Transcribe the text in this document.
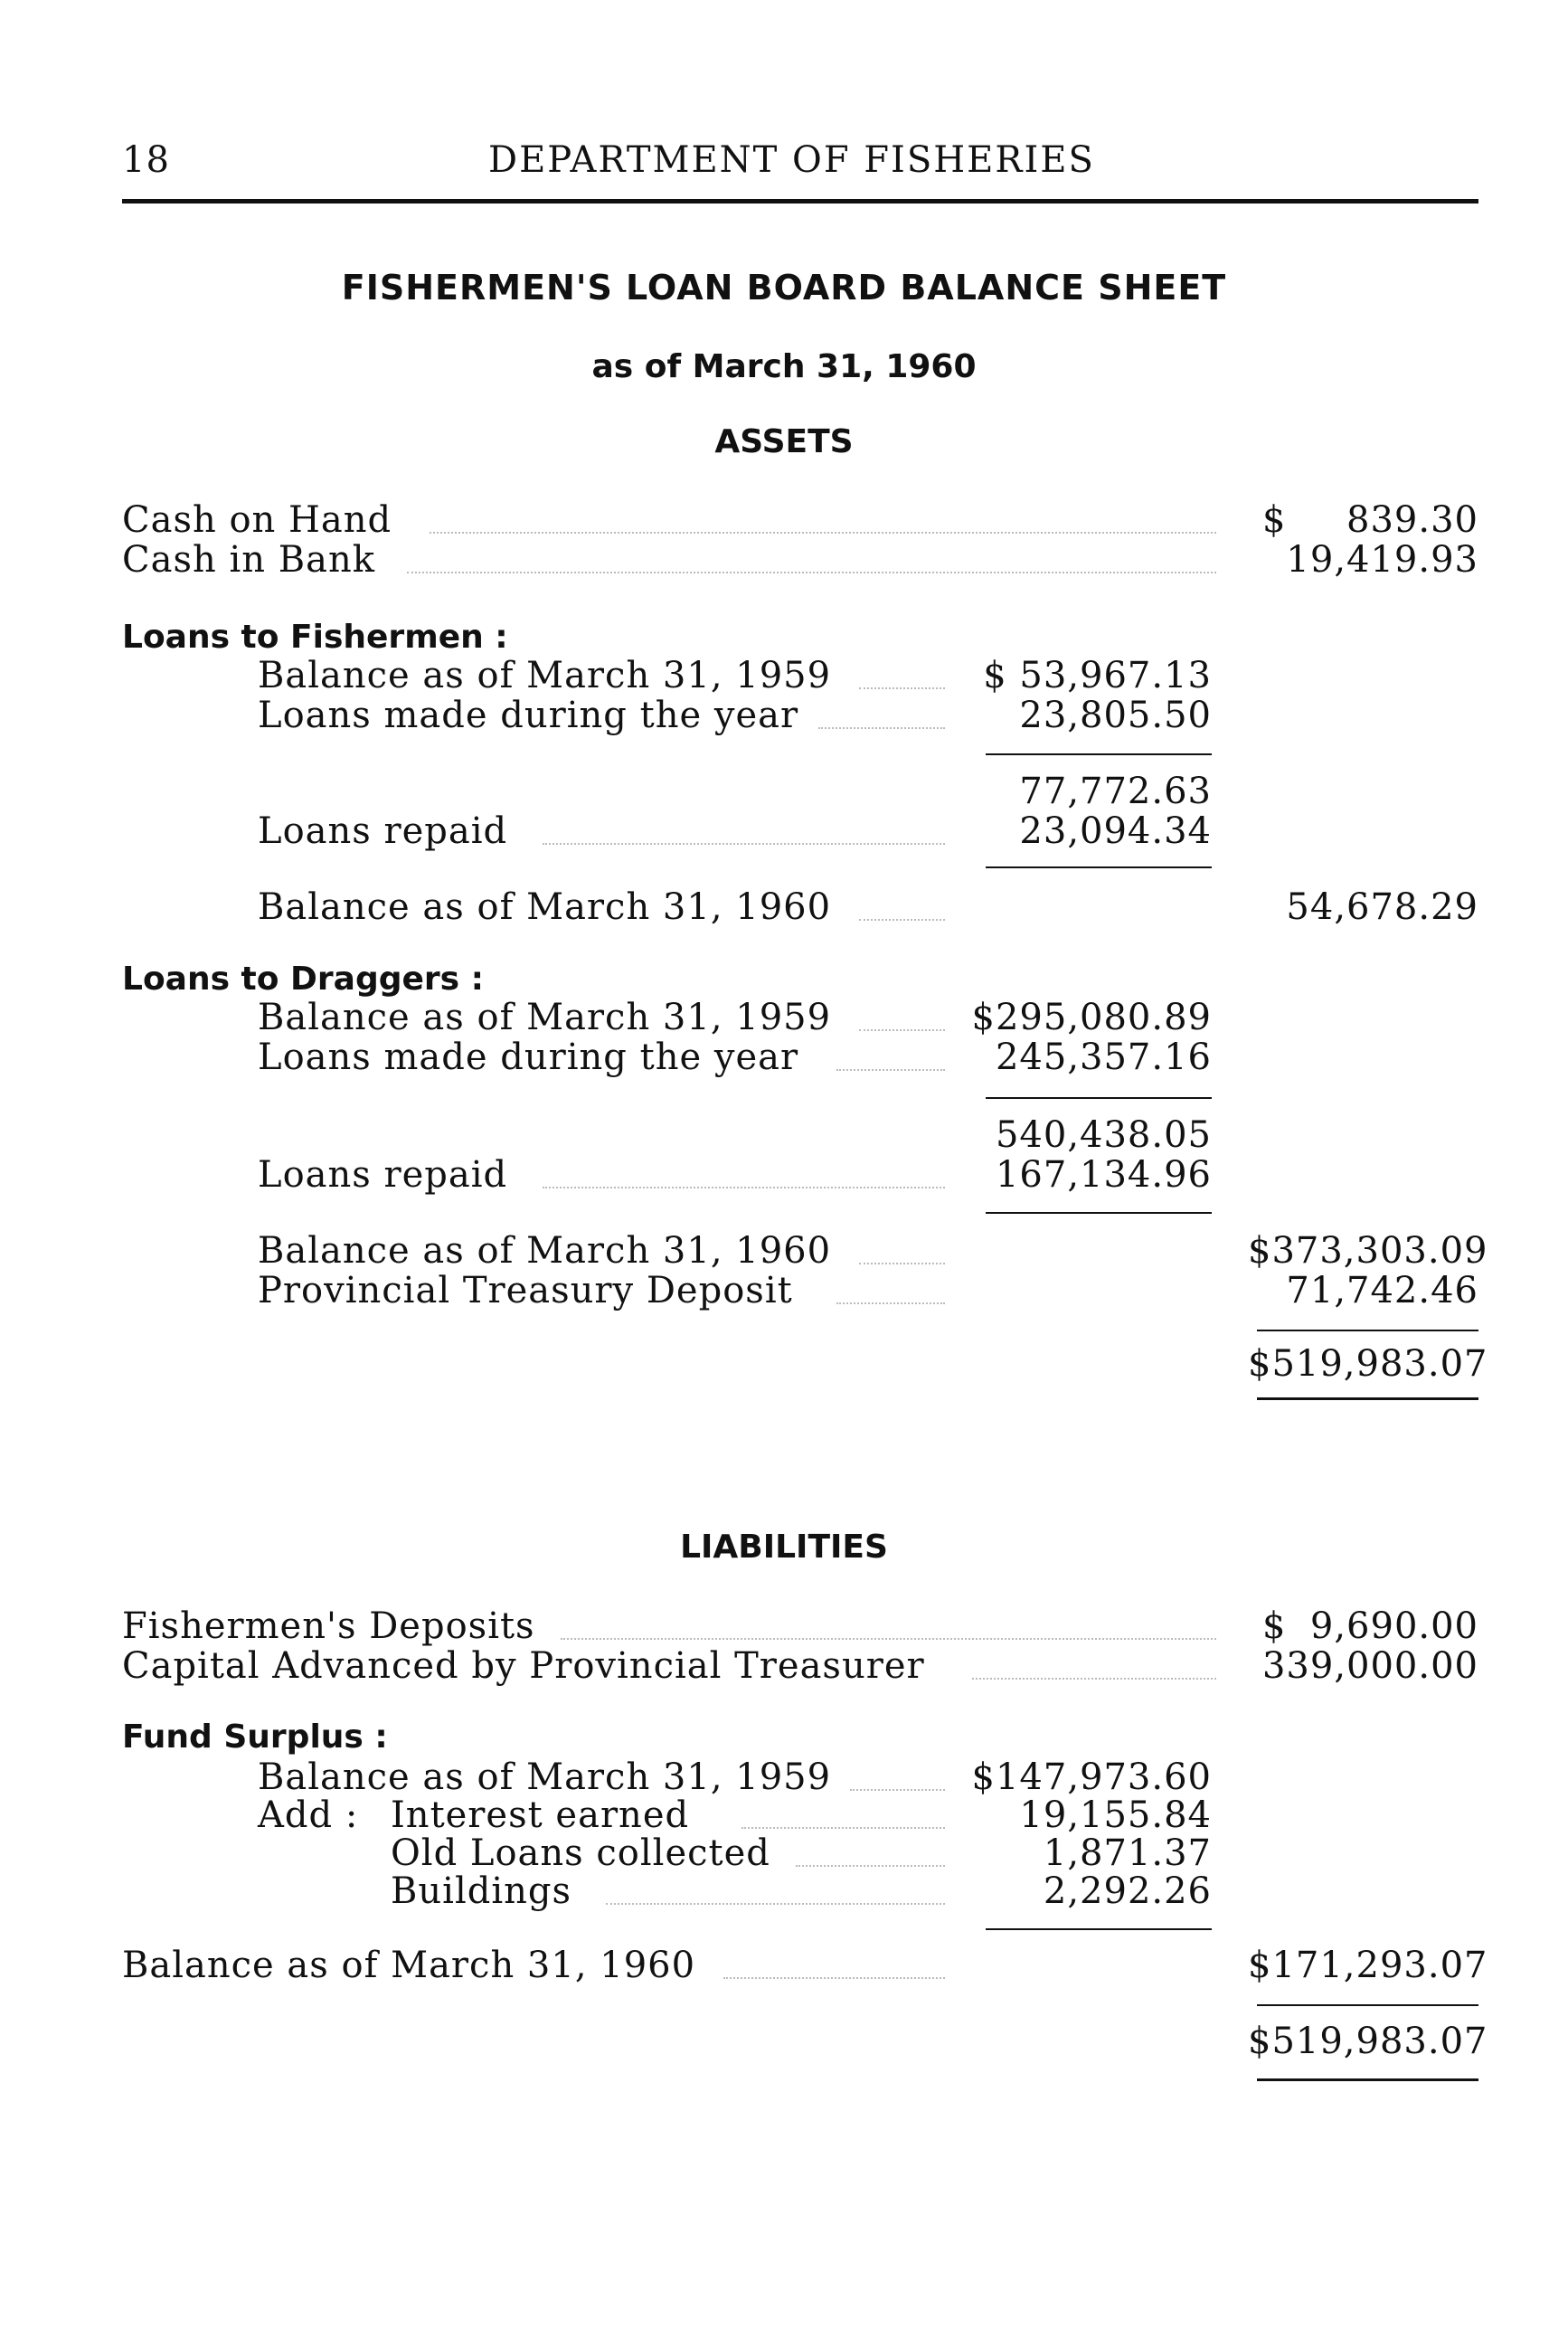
18	DEPARTMENT OF FISHERIES
FISHERMEN'S LOAN BOARD BALANCE SHEET
as of March 31, 1960
ASSETS
Cash on Hand	$	839.30
Cash in Bank	19,419.93
Loans to Fishermen :
Balance as of March 31, 1959	$ 53,967.13
Loans made during the year	23,805.50
77,772.63
Loans repaid	23,094.34
Balance as of March 31, 1960	54,678.29
Loans to Draggers :
Balance as of March 31, 1959	$295,080.89
Loans made during the year	245,357.16
540,438.05
Loans repaid	167,134.96
Balance as of March 31, 1960	$373,303.09
Provincial Treasury Deposit	71,742.46
$519,983.07
LIABILITIES
Fishermen's Deposits	$ 9,690.00
Capital Advanced by Provincial Treasurer	339,000.00
Fund Surplus :
Balance as of March 31, 1959	$147,973.60
Add : Interest earned	19,155.84
Old Loans collected	1,871.37
Buildings	2,292.26
Balance as of March 31, 1960	$171,293.07
$519,983.07
